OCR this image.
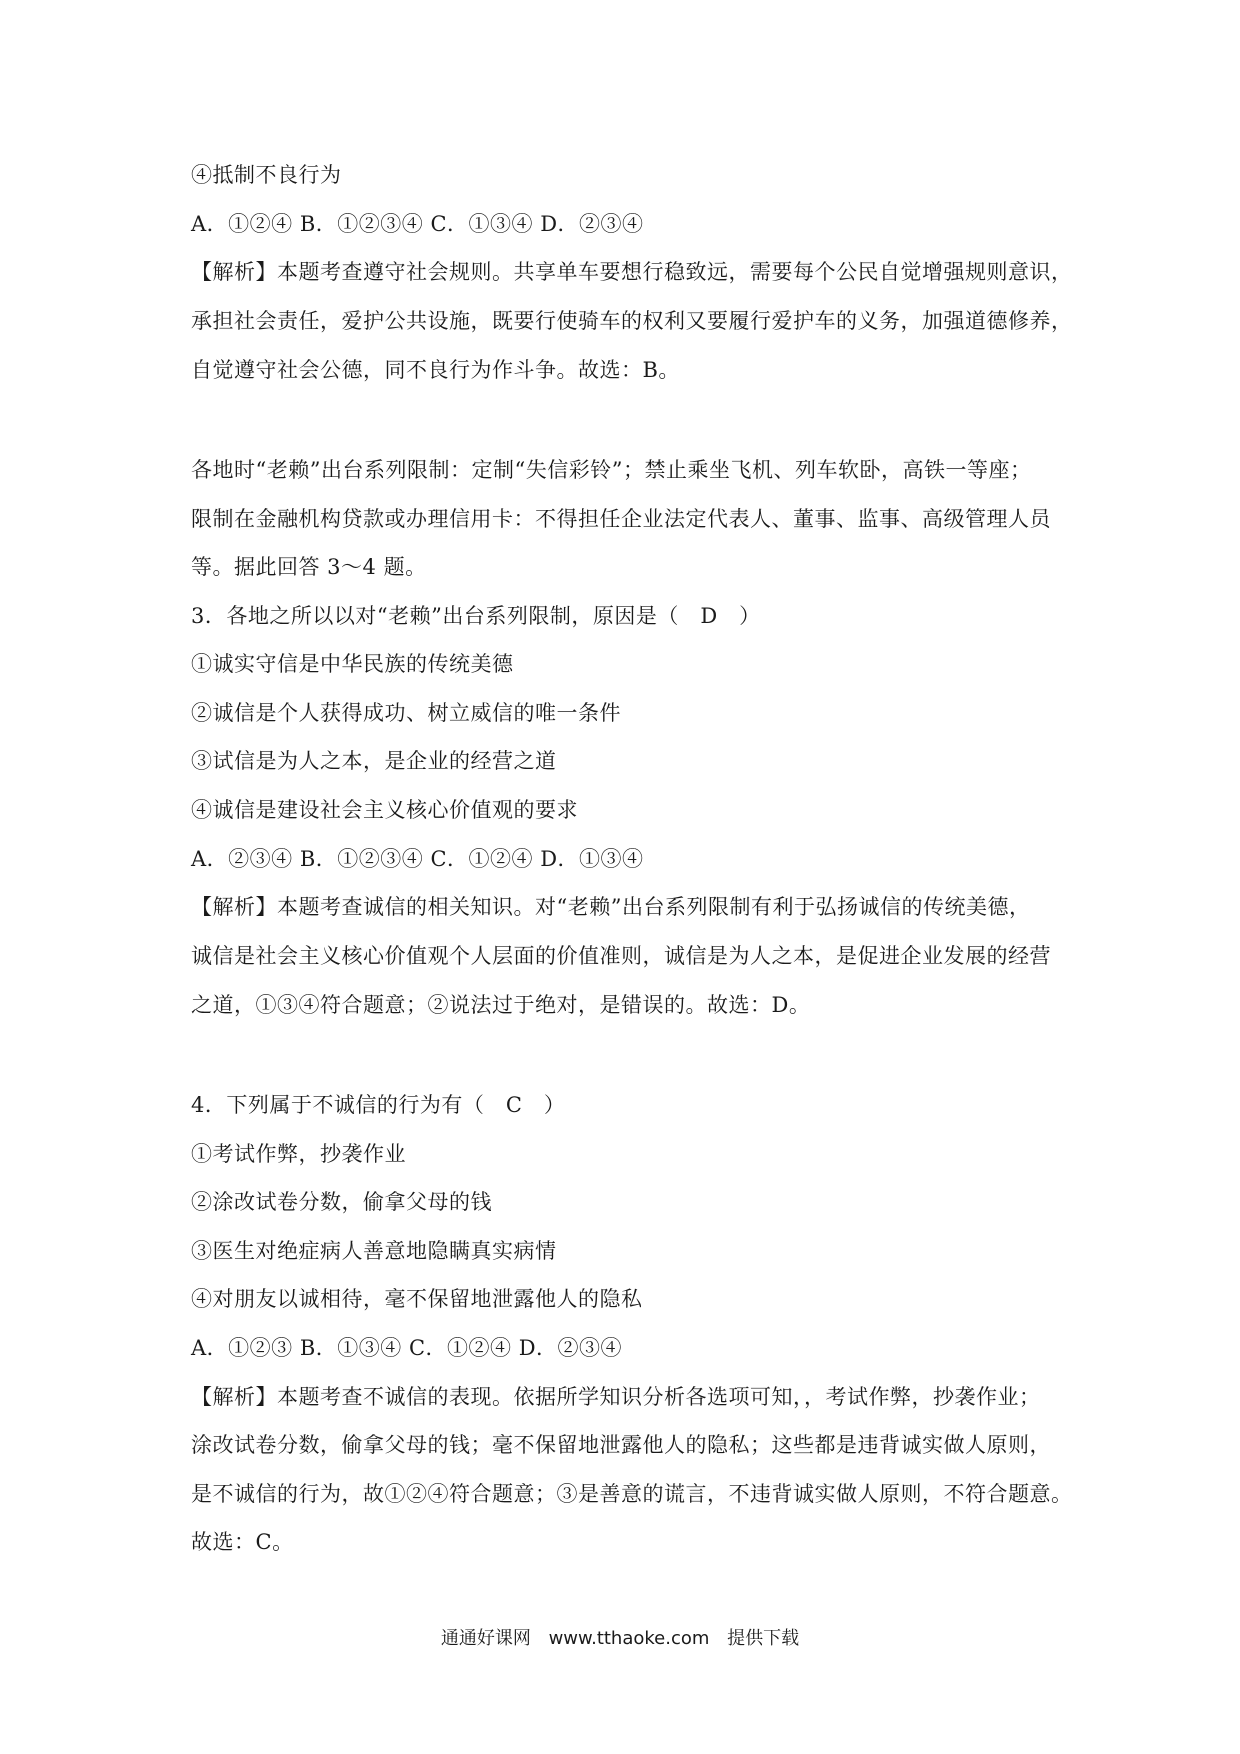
④抵制不良行为
A．①②④ B．①②③④ C．①③④ D．②③④
【解析】本题考查遵守社会规则。共享单车要想行稳致远，需要每个公民自觉增强规则意识，
承担社会责任，爱护公共设施，既要行使骑车的权利又要履行爱护车的义务，加强道德修养，
自觉遵守社会公德，同不良行为作斗争。故选：B。
各地时“老赖”出台系列限制：定制“失信彩铃”；禁止乘坐飞机、列车软卧，高铁一等座；
限制在金融机构贷款或办理信用卡：不得担任企业法定代表人、董事、监事、高级管理人员
等。据此回答 3～4 题。
3．各地之所以以对“老赖”出台系列限制，原因是（　D　）
①诚实守信是中华民族的传统美德
②诚信是个人获得成功、树立威信的唯一条件
③试信是为人之本，是企业的经营之道
④诚信是建设社会主义核心价值观的要求
A．②③④ B．①②③④ C．①②④ D．①③④
【解析】本题考查诚信的相关知识。对“老赖”出台系列限制有利于弘扬诚信的传统美德，
诚信是社会主义核心价值观个人层面的价值准则，诚信是为人之本，是促进企业发展的经营
之道，①③④符合题意；②说法过于绝对，是错误的。故选：D。
4．下列属于不诚信的行为有（　C　）
①考试作弊，抄袭作业
②涂改试卷分数，偷拿父母的钱
③医生对绝症病人善意地隐瞒真实病情
④对朋友以诚相待，毫不保留地泄露他人的隐私
A．①②③ B．①③④ C．①②④ D．②③④
【解析】本题考查不诚信的表现。依据所学知识分析各选项可知，，考试作弊，抄袭作业；
涂改试卷分数，偷拿父母的钱；毫不保留地泄露他人的隐私；这些都是违背诚实做人原则，
是不诚信的行为，故①②④符合题意；③是善意的谎言，不违背诚实做人原则，不符合题意。
故选：C。
通通好课网 www.tthaoke.com 提供下载
